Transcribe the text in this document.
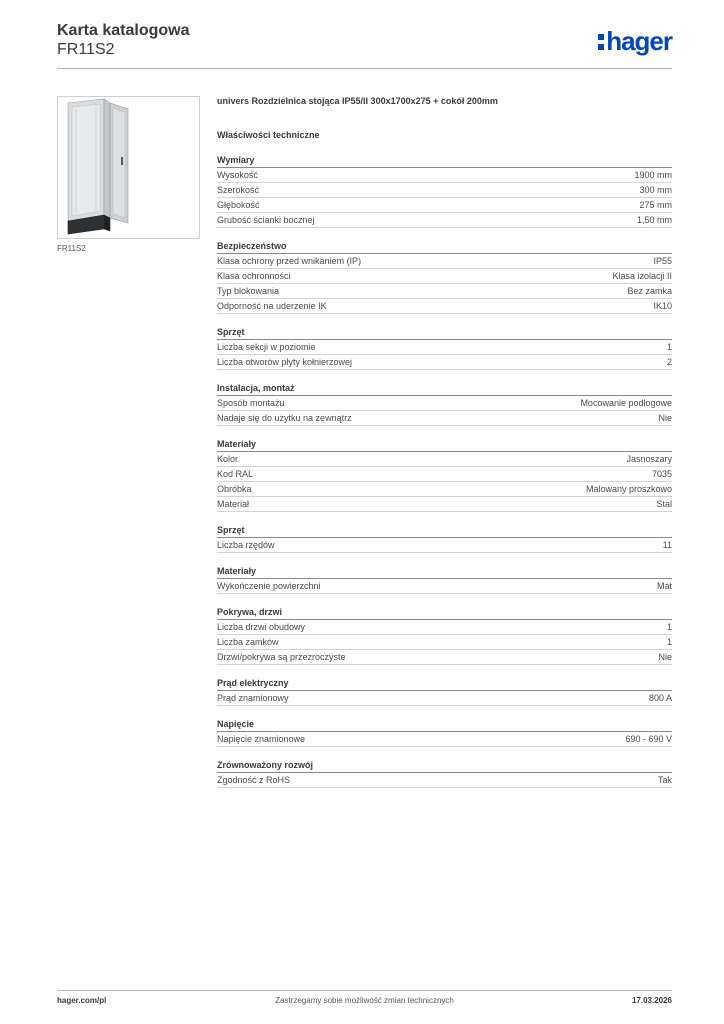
Karta katalogowa
FR11S2	hager
FR11S2
univers Rozdzielnica stojąca IP55/II 300x1700x275 + cokół 200mm
Właściwości techniczne
Wymiary
Wysokość	1900 mm
Szerokość	300 mm
Głębokość	275 mm
Grubość ścianki bocznej	1,50 mm
Bezpieczeństwo
Klasa ochrony przed wnikaniem (IP)	IP55
Klasa ochronności	Klasa izolacji II
Typ blokowania	Bez zamka
Odporność na uderzenie IK	IK10
Sprzęt
Liczba sekcji w poziomie	1
Liczba otworów płyty kołnierzowej	2
Instalacja, montaż
Sposób montażu	Mocowanie podłogowe
Nadaje się do użytku na zewnątrz	Nie
Materiały
Kolor	Jasnoszary
Kod RAL	7035
Obróbka	Malowany proszkowo
Materiał	Stal
Sprzęt
Liczba rzędów	11
Materiały
Wykończenie powierzchni	Mat
Pokrywa, drzwi
Liczba drzwi obudowy	1
Liczba zamków	1
Drzwi/pokrywa są przezroczyste	Nie
Prąd elektryczny
Prąd znamionowy	800 A
Napięcie
Napięcie znamionowe	690 - 690 V
Zrównoważony rozwój
Zgodność z RoHS	Tak
hager.com/pl	Zastrzegamy sobie możliwość zmian technicznych	17.03.2026
